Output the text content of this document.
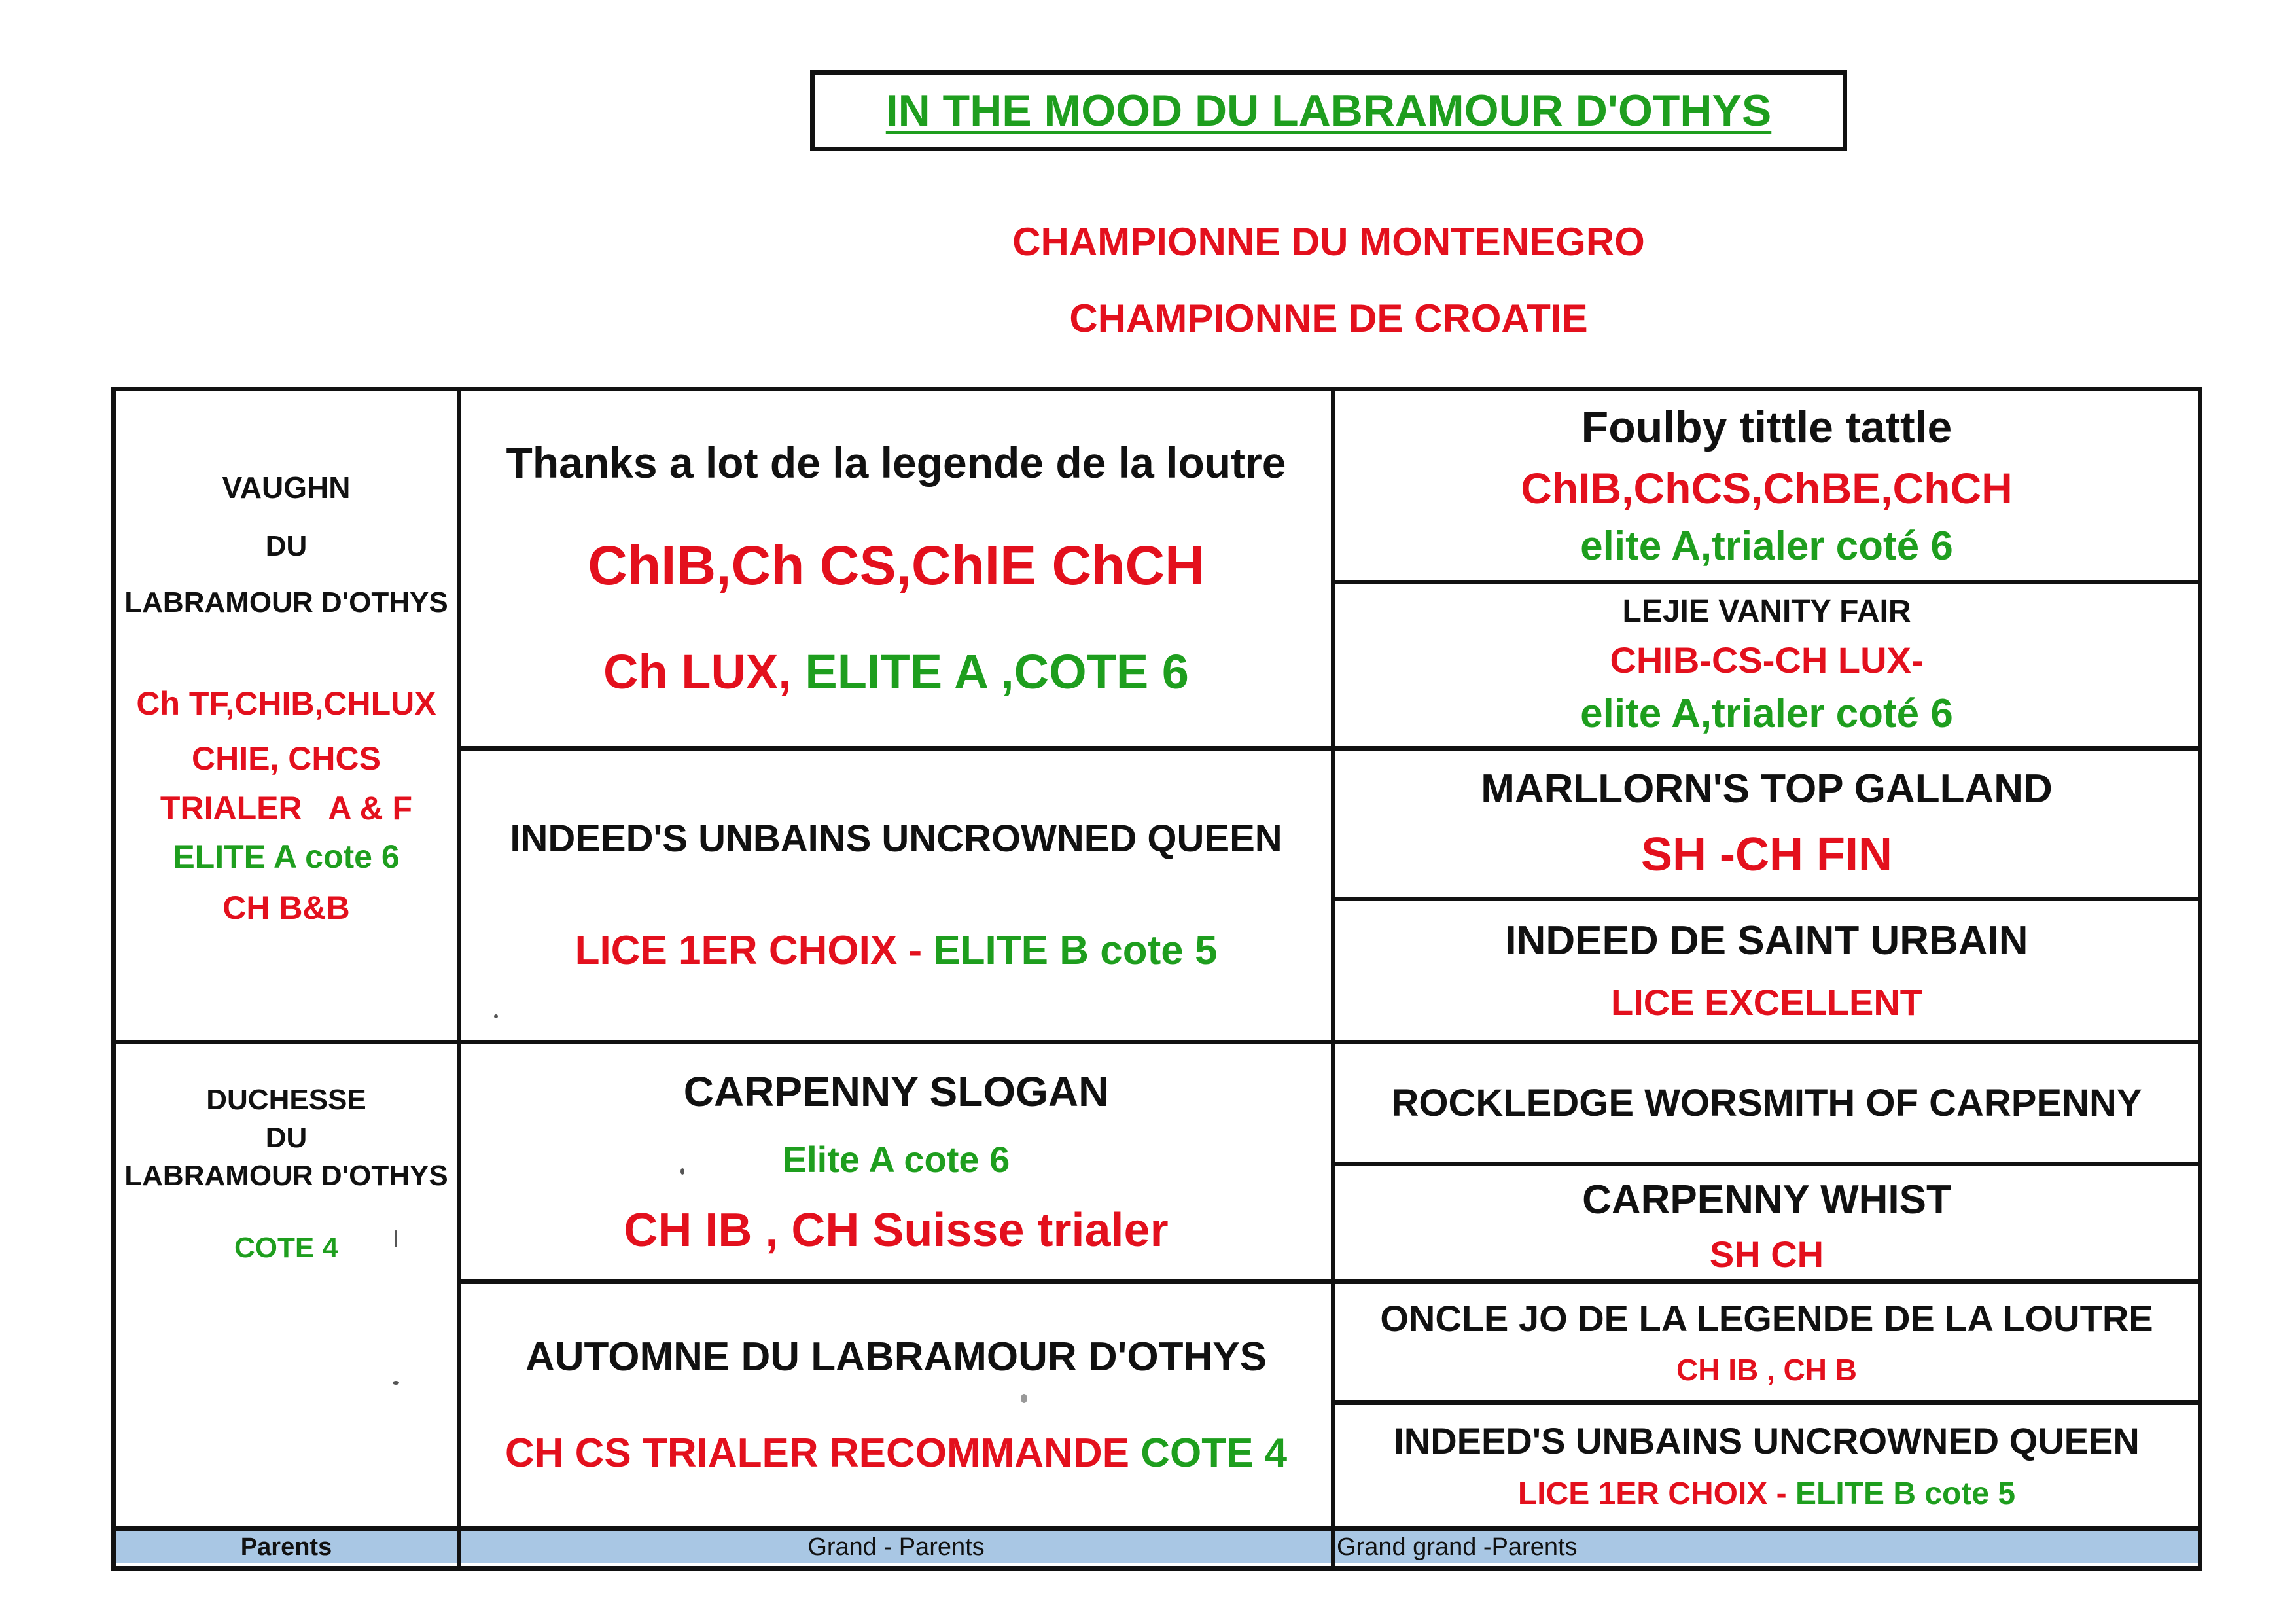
IN THE MOOD DU LABRAMOUR D'OTHYS
CHAMPIONNE DU MONTENEGRO
CHAMPIONNE DE CROATIE
VAUGHN
DU
LABRAMOUR D'OTHYS
Ch TF,CHIB,CHLUX
CHIE, CHCS
TRIALER   A & F
ELITE A cote 6
CH B&B
DUCHESSE
DU
LABRAMOUR D'OTHYS
COTE 4
Thanks a lot de la legende de la loutre
ChIB,Ch CS,ChIE ChCH
Ch LUX, ELITE A ,COTE 6
INDEED'S UNBAINS UNCROWNED QUEEN
LICE 1ER CHOIX - ELITE B cote 5
CARPENNY SLOGAN
Elite A cote 6
CH IB , CH Suisse trialer
AUTOMNE DU LABRAMOUR D'OTHYS
CH CS TRIALER RECOMMANDE COTE 4
Foulby tittle tattle
ChIB,ChCS,ChBE,ChCH
elite A,trialer coté 6
LEJIE VANITY FAIR
CHIB-CS-CH LUX-
elite A,trialer coté 6
MARLLORN'S TOP GALLAND
SH -CH FIN
INDEED DE SAINT URBAIN
LICE EXCELLENT
ROCKLEDGE WORSMITH OF CARPENNY
CARPENNY WHIST
SH CH
ONCLE JO DE LA LEGENDE DE LA LOUTRE
CH IB , CH B
INDEED'S UNBAINS UNCROWNED QUEEN
LICE 1ER CHOIX - ELITE B cote 5
Parents	Grand - Parents	Grand grand -Parents
